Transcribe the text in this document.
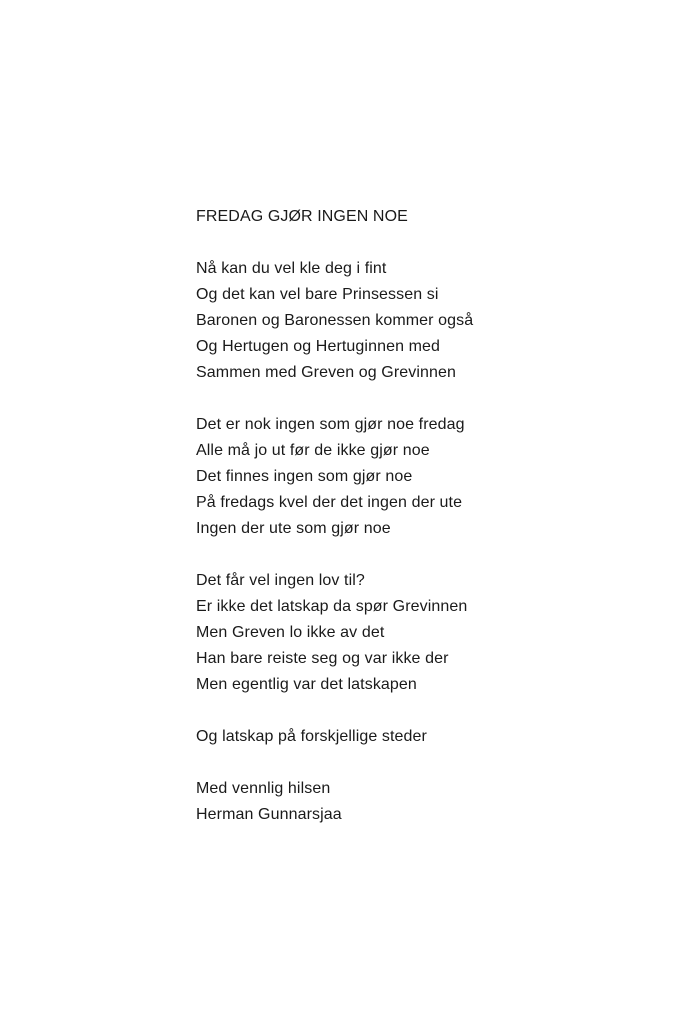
FREDAG GJØR INGEN NOE
Nå kan du vel kle deg i fint
Og det kan vel bare Prinsessen si
Baronen og Baronessen kommer også
Og Hertugen og Hertuginnen med
Sammen med Greven og Grevinnen
Det er nok ingen som gjør noe fredag
Alle må jo ut før de ikke gjør noe
Det finnes ingen som gjør noe
På fredags kvel der det ingen der ute
Ingen der ute som gjør noe
Det får vel ingen lov til?
Er ikke det latskap da spør Grevinnen
Men Greven lo ikke av det
Han bare reiste seg og var ikke der
Men egentlig var det latskapen
Og latskap på forskjellige steder
Med vennlig hilsen
Herman Gunnarsjaa
